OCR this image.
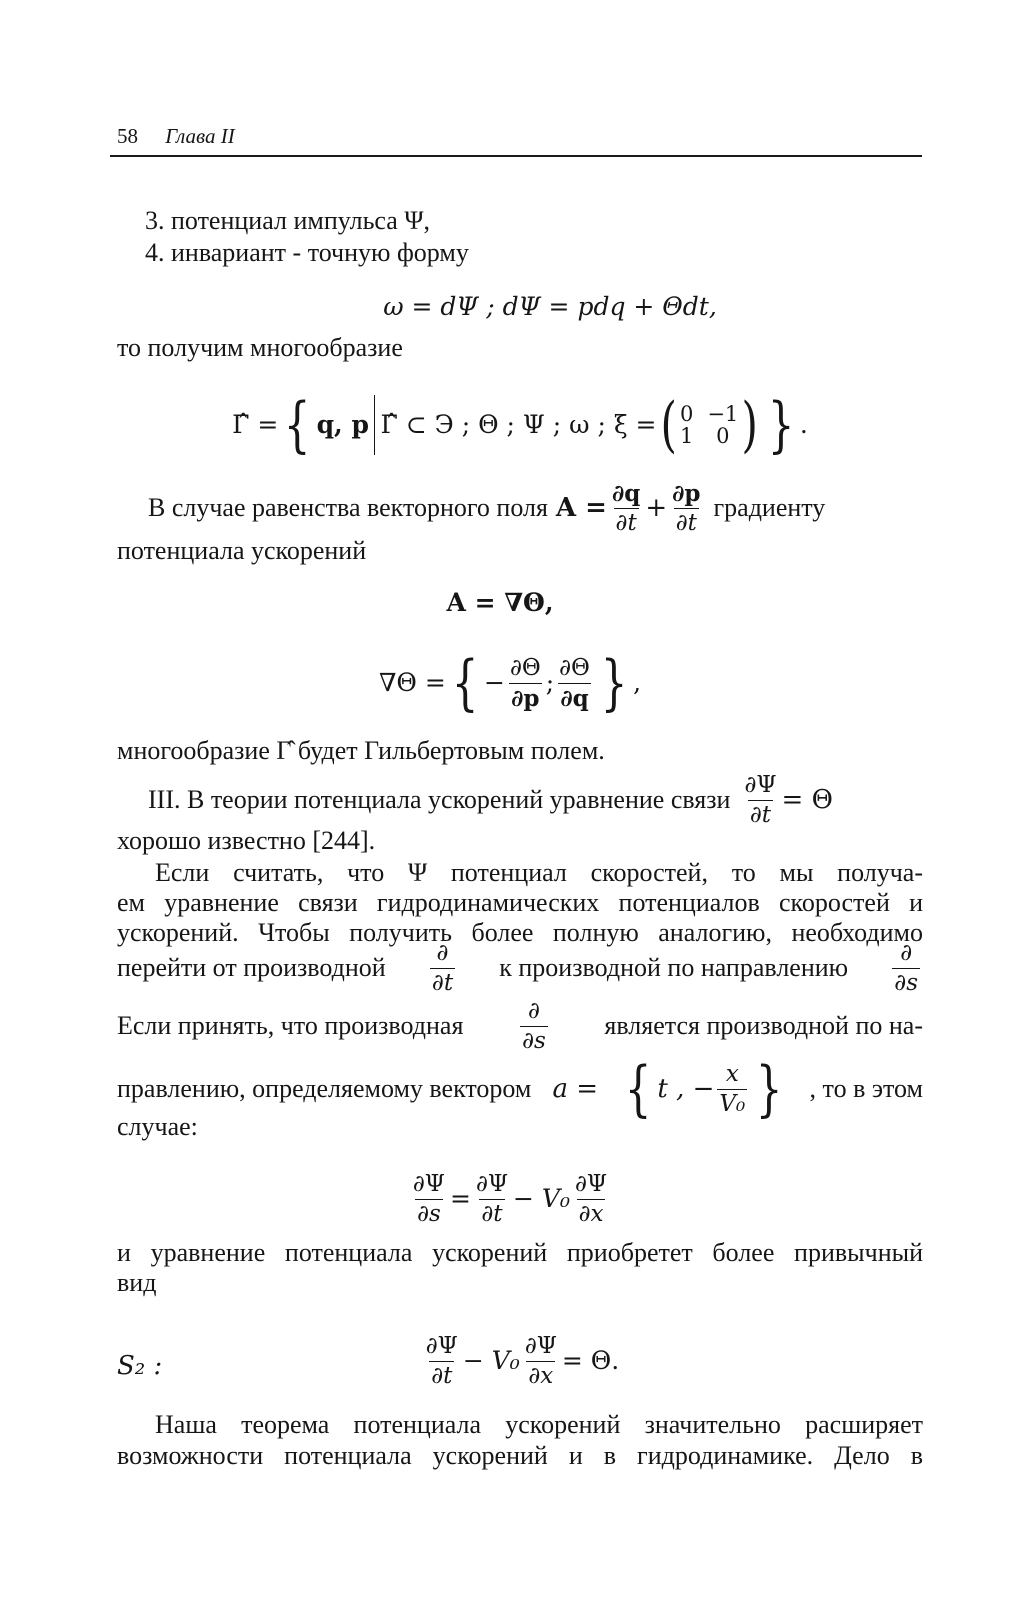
58 Глава II
3. потенциал импульса Ψ,
4. инвариант - точную форму
ω = dΨ ; dΨ = pdq + Θdt,
то получим многообразие
Γ̂ = { q, p Γ̂ ⊂ Э ; Θ ; Ψ ; ω ; ξ = ( 0 −1
1	0 ) } .
В случае равенства векторного поля $A = \frac{\partial q}{\partial t} + \frac{\partial p}{\partial t}$ градиенту
потенциала ускорений
A = ∇Θ,
∇Θ = { − $\frac{\partial\Theta}{\partial p}$ ; $\frac{\partial\Theta}{\partial q}$ } ,
многообразие Γ̂ будет Гильбертовым полем.
III. В теории потенциала ускорений уравнение связи $\frac{\partial\Psi}{\partial t} = \Theta$
хорошо известно [244].
Если считать, что Ψ потенциал скоростей, то мы получа-
ем уравнение связи гидродинамических потенциалов скоростей и
ускорений. Чтобы получить более полную аналогию, необходимо
перейти от производной $\frac{\partial}{\partial t}$ к производной по направлению $\frac{\partial}{\partial s}$
Если принять, что производная $\frac{\partial}{\partial s}$ является производной по на-
правлению, определяемому вектором a = { t , − $\frac{x}{\text{V₀}}$ } , то в этом
случае:
$\frac{\partial\Psi}{\partial s} = \frac{\partial\Psi}{\partial t} - V_0 \frac{\partial\Psi}{\partial x}$
и уравнение потенциала ускорений приобретет более привычный
вид
S₂ :	$\frac{\partial\Psi}{\partial t} - V_0 \frac{\partial\Psi}{\partial x} = \Theta$.
Наша теорема потенциала ускорений значительно расширяет
возможности потенциала ускорений и в гидродинамике. Дело в
